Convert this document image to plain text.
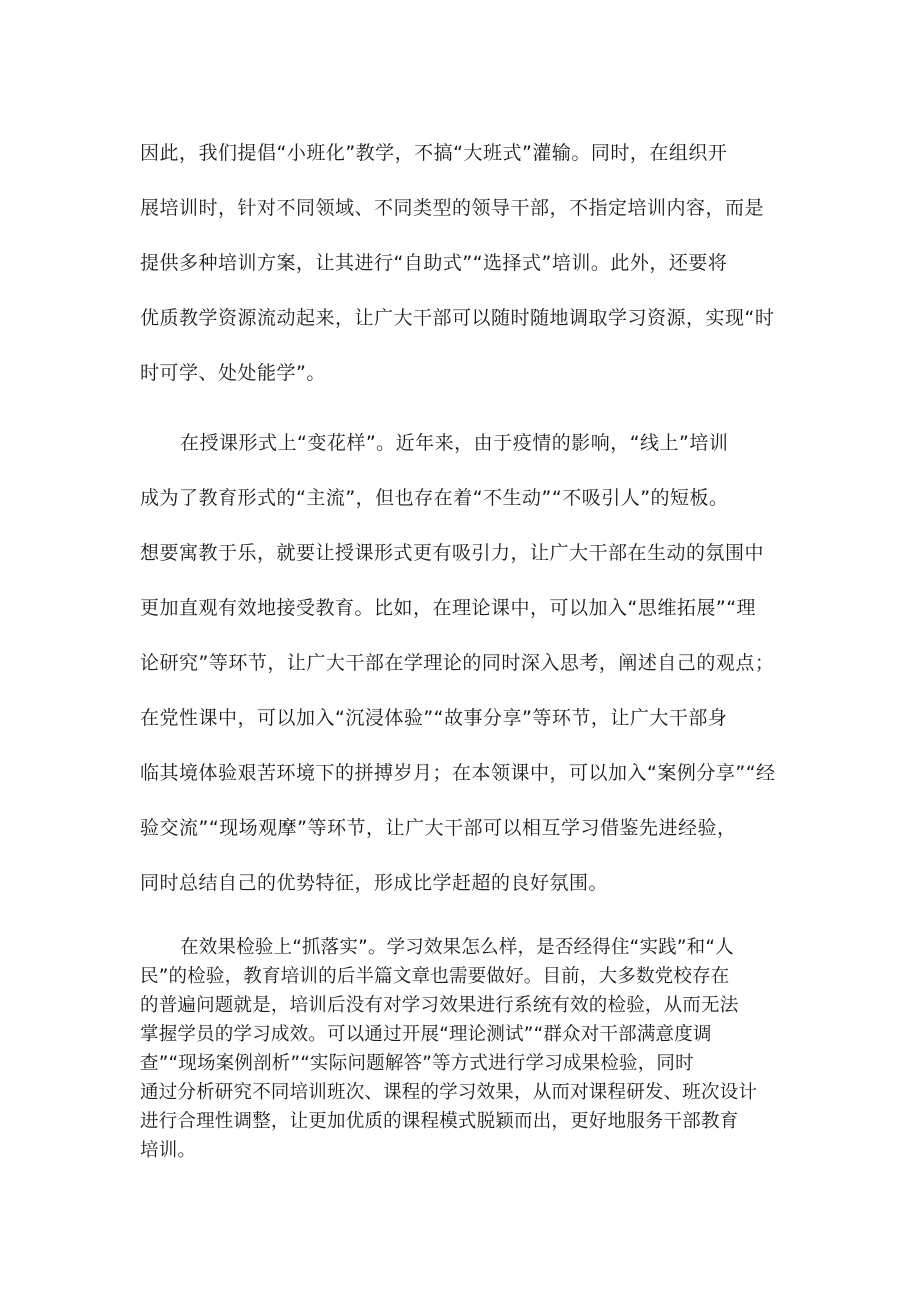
因此，我们提倡“小班化”教学，不搞“大班式”灌输。同时，在组织开

展培训时，针对不同领域、不同类型的领导干部，不指定培训内容，而是

提供多种培训方案，让其进行“自助式”“选择式”培训。此外，还要将

优质教学资源流动起来，让广大干部可以随时随地调取学习资源，实现“时

时可学、处处能学”。

在授课形式上“变花样”。近年来，由于疫情的影响，“线上”培训

成为了教育形式的“主流”，但也存在着“不生动”“不吸引人”的短板。

想要寓教于乐，就要让授课形式更有吸引力，让广大干部在生动的氛围中

更加直观有效地接受教育。比如，在理论课中，可以加入“思维拓展”“理

论研究”等环节，让广大干部在学理论的同时深入思考，阐述自己的观点；

在党性课中，可以加入“沉浸体验”“故事分享”等环节，让广大干部身

临其境体验艰苦环境下的拼搏岁月；在本领课中，可以加入“案例分享”“经

验交流”“现场观摩”等环节，让广大干部可以相互学习借鉴先进经验，

同时总结自己的优势特征，形成比学赶超的良好氛围。

在效果检验上“抓落实”。学习效果怎么样，是否经得住“实践”和“人

民”的检验，教育培训的后半篇文章也需要做好。目前，大多数党校存在

的普遍问题就是，培训后没有对学习效果进行系统有效的检验，从而无法

掌握学员的学习成效。可以通过开展“理论测试”“群众对干部满意度调

查”“现场案例剖析”“实际问题解答”等方式进行学习成果检验，同时

通过分析研究不同培训班次、课程的学习效果，从而对课程研发、班次设计

进行合理性调整，让更加优质的课程模式脱颖而出，更好地服务干部教育

培训。
